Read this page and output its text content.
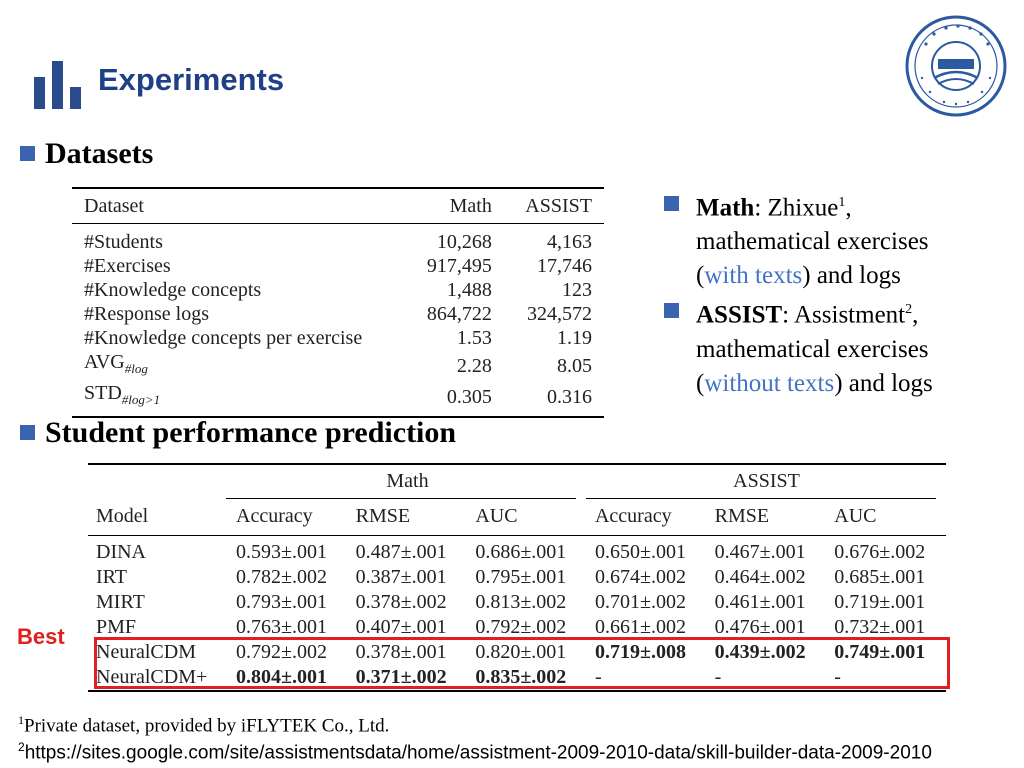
Experiments
Datasets
Dataset	Math	ASSIST
#Students	10,268	4,163
#Exercises	917,495	17,746
#Knowledge concepts	1,488	123
#Response logs	864,722	324,572
#Knowledge concepts per exercise	1.53	1.19
$AVG_{\#log}$	2.28	8.05
$STD_{\#log>1}$	0.305	0.316
Math: Zhixue$^1$,
mathematical exercises
(with texts) and logs
ASSIST: Assistment$^2$,
mathematical exercises
(without texts) and logs
Student performance prediction
	Math			ASSIST		
Model	Accuracy	RMSE	AUC	Accuracy	RMSE	AUC
DINA	0.593±.001	0.487±.001	0.686±.001	0.650±.001	0.467±.001	0.676±.002
IRT	0.782±.002	0.387±.001	0.795±.001	0.674±.002	0.464±.002	0.685±.001
MIRT	0.793±.001	0.378±.002	0.813±.002	0.701±.002	0.461±.001	0.719±.001
PMF	0.763±.001	0.407±.001	0.792±.002	0.661±.002	0.476±.001	0.732±.001
NeuralCDM	0.792±.002	0.378±.001	0.820±.001	0.719±.008	0.439±.002	0.749±.001
NeuralCDM+	0.804±.001	0.371±.002	0.835±.002	-	-	-
Best
$^1$Private dataset, provided by iFLYTEK Co., Ltd.
$^2$https://sites.google.com/site/assistmentsdata/home/assistment-2009-2010-data/skill-builder-data-2009-2010
